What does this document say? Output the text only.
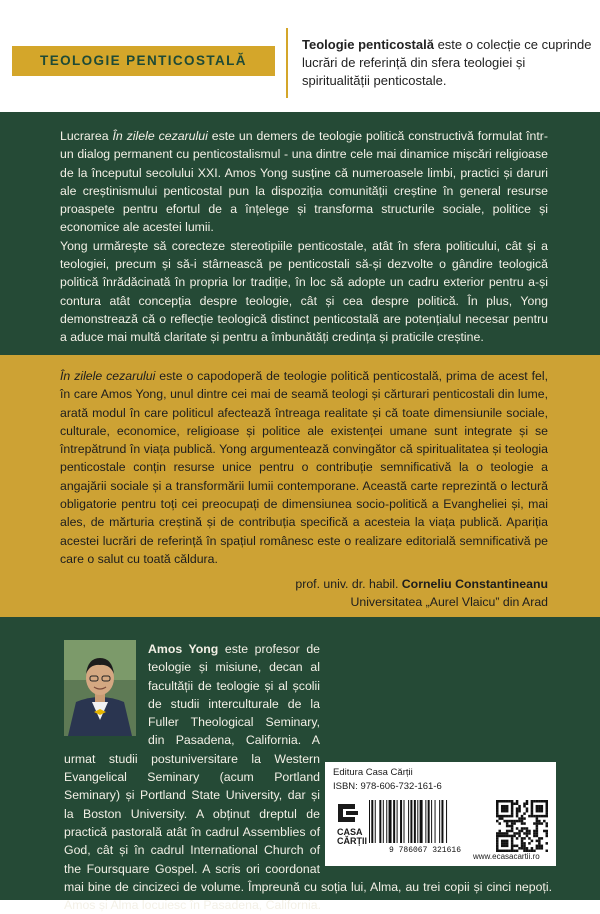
TEOLOGIE PENTICOSTALĂ
Teologie penticostală este o colecție ce cuprinde lucrări de referință din sfera teologiei și spiritualității penticostale.

Lucrarea În zilele cezarului este un demers de teologie politică constructivă formulat într-un dialog permanent cu penticostalismul - una dintre cele mai dinamice mișcări religioase de la începutul secolului XXI. Amos Yong susține că numeroasele limbi, practici și daruri ale creștinismului penticostal pun la dispoziția comunității creștine în general resurse proaspete pentru efortul de a înțelege și transforma structurile sociale, politice și economice ale acestei lumii.

Yong urmărește să corecteze stereotipiile penticostale, atât în sfera politicului, cât și a teologiei, precum și să-i stârnească pe penticostali să-și dezvolte o gândire teologică politică înrădăcinată în propria lor tradiție, în loc să adopte un cadru exterior pentru a-și contura atât concepția despre teologie, cât și cea despre politică. În plus, Yong demonstrează că o reflecție teologică distinct penticostală are potențialul necesar pentru a aduce mai multă claritate și pentru a îmbunătăți credința și praticile creștine.

În zilele cezarului este o capodoperă de teologie politică penticostală, prima de acest fel, în care Amos Yong, unul dintre cei mai de seamă teologi și cărturari penticostali din lume, arată modul în care politicul afectează întreaga realitate și că toate dimensiunile sociale, culturale, economice, religioase și politice ale existenței umane sunt integrate și se întrepătrund în viața publică. Yong argumentează convingător că spiritualitatea și teologia penticostale conțin resurse unice pentru o contribuție semnificativă la o teologie a angajării sociale și a transformării lumii contemporane. Această carte reprezintă o lectură obligatorie pentru toți cei preocupați de dimensiunea socio-politică a Evangheliei și, mai ales, de mărturia creștină și de contribuția specifică a acesteia la viața publică. Apariția acestei lucrări de referință în spațiul românesc este o realizare editorială semnificativă pe care o salut cu toată căldura.

prof. univ. dr. habil. Corneliu Constantineanu
Universitatea „Aurel Vlaicu” din Arad
Amos Yong este profesor de teologie și misiune, decan al facultății de teologie și al școlii de studii interculturale de la Fuller Theological Seminary, din Pasadena, California. A urmat studii postuniversitare la Western Evangelical Seminary (acum Portland Seminary) și Portland State University, dar și la Boston University. A obținut dreptul de practică pastorală atât în cadrul Assemblies of God, cât și în cadrul International Church of the Foursquare Gospel. A scris ori coordonat mai bine de cincizeci de volume. Împreună cu soția lui, Alma, au trei copii și cinci nepoți. Amos și Alma locuiesc în Pasadena, California.
Editura Casa Cărții
ISBN: 978-606-732-161-6
CASA
CĂRȚII
9 786067 321616
www.ecasacartii.ro
